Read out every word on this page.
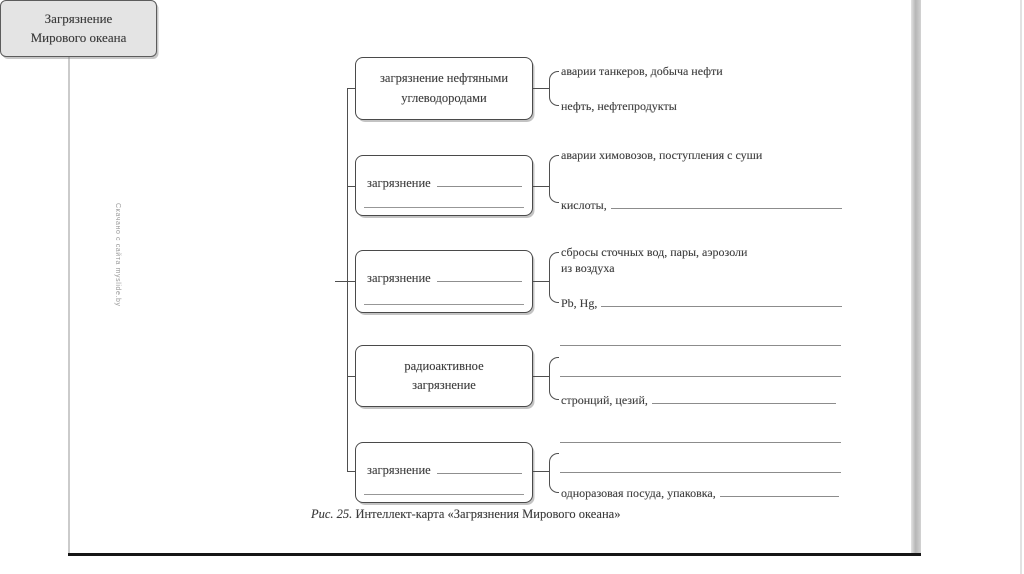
Скачано с сайта myslide.by
Загрязнение
Мирового океана
загрязнение нефтяными
углеводородами
загрязнение
загрязнение
радиоактивное
загрязнение
загрязнение
аварии танкеров, добыча нефти
нефть, нефтепродукты
аварии химовозов, поступления с суши
кислоты,
сбросы сточных вод, пары, аэрозоли
из воздуха
Pb, Hg,
стронций, цезий,
одноразовая посуда, упаковка,
Рис. 25. Интеллект-карта «Загрязнения Мирового океана»
